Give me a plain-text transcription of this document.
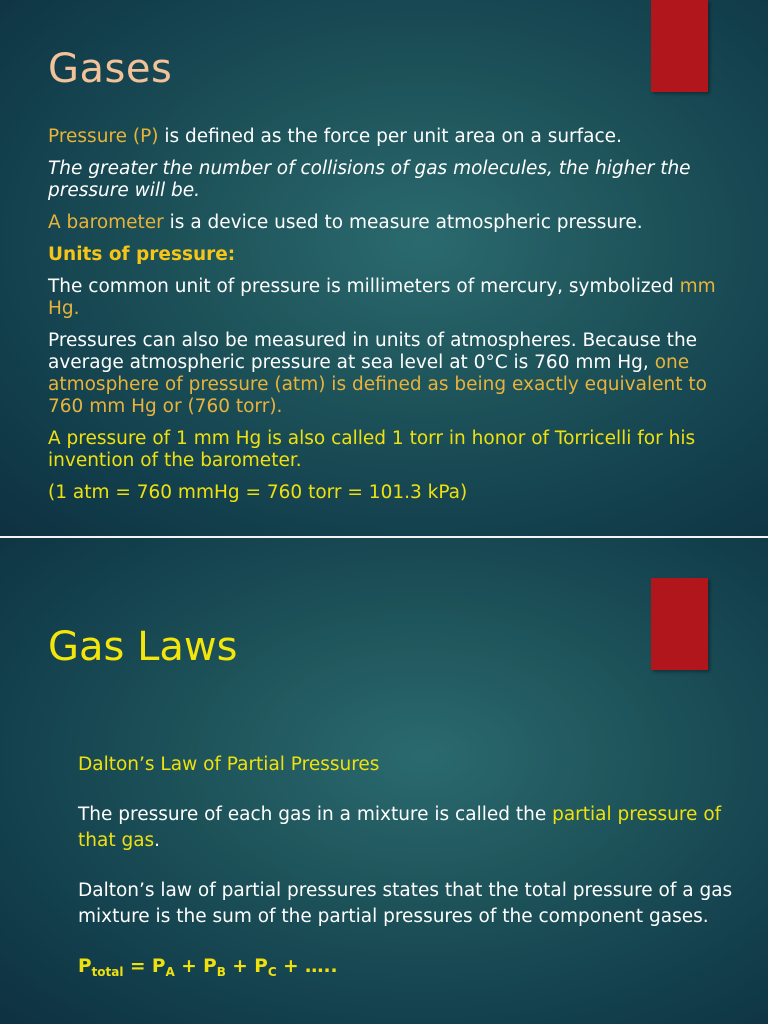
Gases

Pressure (P) is defined as the force per unit area on a surface.

The greater the number of collisions of gas molecules, the higher the pressure will be.

A barometer is a device used to measure atmospheric pressure.

Units of pressure:

The common unit of pressure is millimeters of mercury, symbolized mm Hg.

Pressures can also be measured in units of atmospheres. Because the average atmospheric pressure at sea level at 0°C is 760 mm Hg, one atmosphere of pressure (atm) is defined as being exactly equivalent to 760 mm Hg or (760 torr).

A pressure of 1 mm Hg is also called 1 torr in honor of Torricelli for his invention of the barometer.

(1 atm = 760 mmHg = 760 torr = 101.3 kPa)

Gas Laws

Dalton’s Law of Partial Pressures

The pressure of each gas in a mixture is called the partial pressure of that gas.

Dalton’s law of partial pressures states that the total pressure of a gas mixture is the sum of the partial pressures of the component gases.

$P_{total} = P_A + P_B + P_C$ + …..
